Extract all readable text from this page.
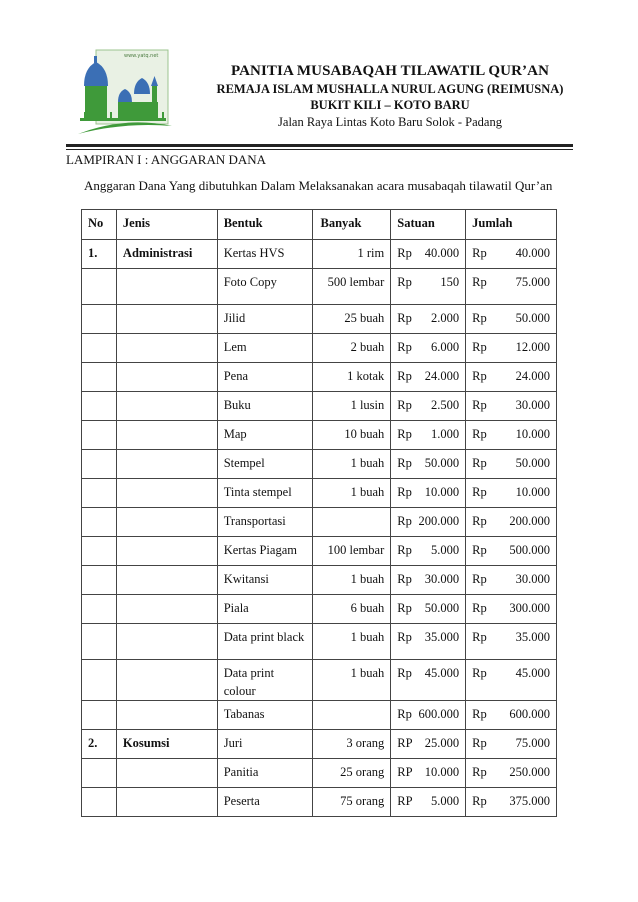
www.yatq.net
PANITIA MUSABAQAH TILAWATIL QUR’AN
REMAJA ISLAM MUSHALLA NURUL AGUNG (REIMUSNA)
BUKIT KILI – KOTO BARU
Jalan Raya Lintas Koto Baru Solok - Padang
LAMPIRAN I : ANGGARAN DANA
Anggaran Dana Yang dibutuhkan Dalam Melaksanakan acara musabaqah tilawatil Qur’an
No	Jenis	Bentuk	Banyak	Satuan	Jumlah
1.	Administrasi	Kertas HVS	1 rim	Rp 40.000	Rp 40.000

		Foto Copy	500 lembar	Rp 150	Rp 75.000

		Jilid	25 buah	Rp 2.000	Rp 50.000

		Lem	2 buah	Rp 6.000	Rp 12.000

		Pena	1 kotak	Rp 24.000	Rp 24.000

		Buku	1 lusin	Rp 2.500	Rp 30.000

		Map	10 buah	Rp 1.000	Rp 10.000

		Stempel	1 buah	Rp 50.000	Rp 50.000

		Tinta stempel	1 buah	Rp 10.000	Rp 10.000

		Transportasi		Rp 200.000	Rp 200.000

		Kertas Piagam	100 lembar	Rp 5.000	Rp 500.000

		Kwitansi	1 buah	Rp 30.000	Rp 30.000

		Piala	6 buah	Rp 50.000	Rp 300.000

		Data print black	1 buah	Rp 35.000	Rp 35.000

		Data print colour	1 buah	Rp 45.000	Rp 45.000

		Tabanas		Rp 600.000	Rp 600.000

2.	Kosumsi	Juri	3 orang	RP 25.000	Rp 75.000

		Panitia	25 orang	RP 10.000	Rp 250.000

		Peserta	75 orang	RP 5.000	Rp 375.000
